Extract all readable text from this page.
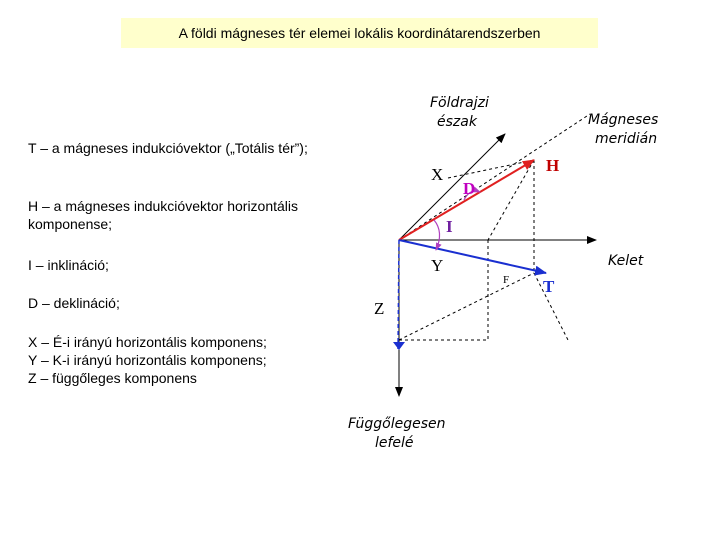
A földi mágneses tér elemei lokális koordinátarendszerben
T – a mágneses indukcióvektor („Totális tér”);
H – a mágneses indukcióvektor horizontális komponense;
I – inklináció;
D – deklináció;
X – É-i irányú horizontális komponens;
Y – K-i irányú horizontális komponens;
Z – függőleges komponens
Földrajzi
észak	Mágneses
meridián
Kelet
Függőlegesen
lefelé
X
Y
Z
H
T
D
I
F
